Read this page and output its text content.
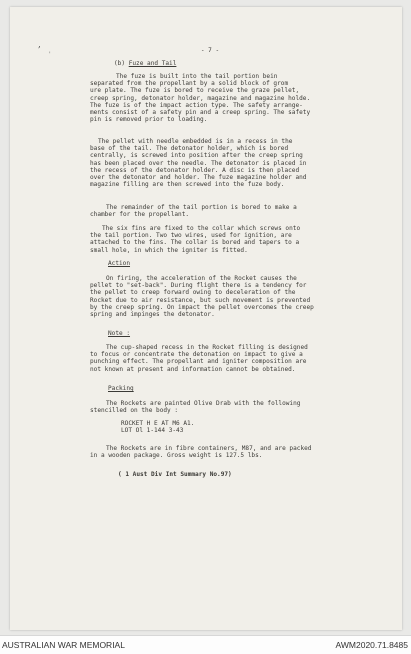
,
'
- 7 -
(b) Fuze and Tail
The fuze is built into the tail portion bein
separated from the propellant by a solid block of grom
ure plate. The fuze is bored to receive the graze pellet,
creep spring, detonator holder, magazine and magazine holde.
The fuze is of the impact action type. The safety arrange-
ments consist of a safety pin and a creep spring. The safety
pin is removed prior to loading.
The pellet with needle embedded is in a recess in the
base of the tail. The detonator holder, which is bored
centrally, is screwed into position after the creep spring
has been placed over the needle. The detonator is placed in
the recess of the detonator holder. A disc is then placed
over the detonator and holder. The fuze magazine holder and
magazine filling are then screwed into the fuze body.
The remainder of the tail portion is bored to make a
chamber for the propellant.
The six fins are fixed to the collar which screws onto
the tail portion. Two two wires, used for ignition, are
attached to the fins. The collar is bored and tapers to a
small hole, in which the igniter is fitted.
Action
On firing, the acceleration of the Rocket causes the
pellet to "set-back". During flight there is a tendency for
the pellet to creep forward owing to deceleration of the
Rocket due to air resistance, but such movement is prevented
by the creep spring. On impact the pellet overcomes the creep
spring and impinges the detonator.
Note :
The cup-shaped recess in the Rocket filling is designed
to focus or concentrate the detonation on impact to give a
punching effect. The propellant and igniter composition are
not known at present and information cannot be obtained.
Packing
The Rockets are painted Olive Drab with the following
stencilled on the body :
ROCKET H E AT M6 A1.
LOT Ol 1-144 3-43
The Rockets are in fibre containers, M87, and are packed
in a wooden package. Gross weight is 127.5 lbs.
( 1 Aust Div Int Summary No.97)
AUSTRALIAN WAR MEMORIAL	AWM2020.71.8485
